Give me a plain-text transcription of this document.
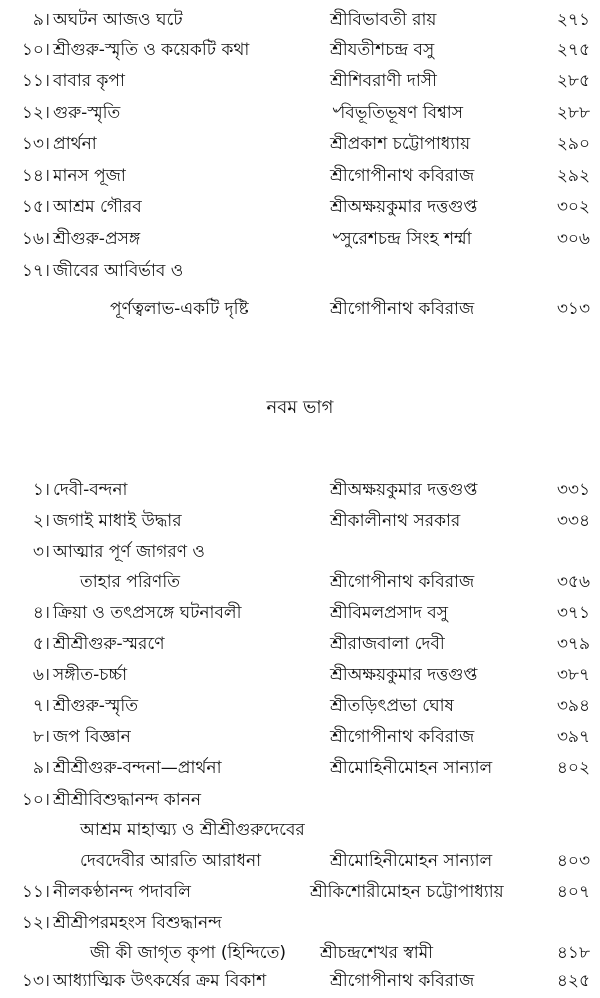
৯। অঘটন আজও ঘটে	শ্রীবিভাবতী রায়	২৭১
১০। শ্রীগুরু-স্মৃতি ও কয়েকটি কথা	শ্রীযতীশচন্দ্র বসু	২৭৫
১১। বাবার কৃপা	শ্রীশিবরাণী দাসী	২৮৫
১২। গুরু-স্মৃতি	৺বিভূতিভূষণ বিশ্বাস	২৮৮
১৩। প্রার্থনা	শ্রীপ্রকাশ চট্টোপাধ্যায়	২৯০
১৪। মানস পূজা	শ্রীগোপীনাথ কবিরাজ	২৯২
১৫। আশ্রম গৌরব	শ্রীঅক্ষয়কুমার দত্তগুপ্ত	৩০২
১৬। শ্রীগুরু-প্রসঙ্গ	৺সুরেশচন্দ্র সিংহ শর্ম্মা	৩০৬
১৭। জীবের আবির্ভাব ও
পূর্ণত্বলাভ-একটি দৃষ্টি	শ্রীগোপীনাথ কবিরাজ	৩১৩
নবম ভাগ
১। দেবী-বন্দনা	শ্রীঅক্ষয়কুমার দত্তগুপ্ত	৩৩১
২। জগাই মাধাই উদ্ধার	শ্রীকালীনাথ সরকার	৩৩৪
৩। আত্মার পূর্ণ জাগরণ ও
তাহার পরিণতি	শ্রীগোপীনাথ কবিরাজ	৩৫৬
৪। ক্রিয়া ও তৎপ্রসঙ্গে ঘটনাবলী	শ্রীবিমলপ্রসাদ বসু	৩৭১
৫। শ্রীশ্রীগুরু-স্মরণে	শ্রীরাজবালা দেবী	৩৭৯
৬। সঙ্গীত-চর্চ্চা	শ্রীঅক্ষয়কুমার দত্তগুপ্ত	৩৮৭
৭। শ্রীগুরু-স্মৃতি	শ্রীতড়িৎপ্রভা ঘোষ	৩৯৪
৮। জপ বিজ্ঞান	শ্রীগোপীনাথ কবিরাজ	৩৯৭
৯। শ্রীশ্রীগুরু-বন্দনা—প্রার্থনা	শ্রীমোহিনীমোহন সান্যাল	৪০২
১০। শ্রীশ্রীবিশুদ্ধানন্দ কানন
আশ্রম মাহাত্ম্য ও শ্রীশ্রীগুরুদেবের
দেবদেবীর আরতি আরাধনা	শ্রীমোহিনীমোহন সান্যাল	৪০৩
১১। নীলকণ্ঠানন্দ পদাবলি	শ্রীকিশোরীমোহন চট্টোপাধ্যায়	৪০৭
১২। শ্রীশ্রীপরমহংস বিশুদ্ধানন্দ
জী কী জাগৃত কৃপা (হিন্দিতে) শ্রীচন্দ্রশেখর স্বামী	৪১৮
১৩। আধ্যাত্মিক উৎকর্ষের ক্রম বিকাশ	শ্রীগোপীনাথ কবিরাজ	৪২৫
